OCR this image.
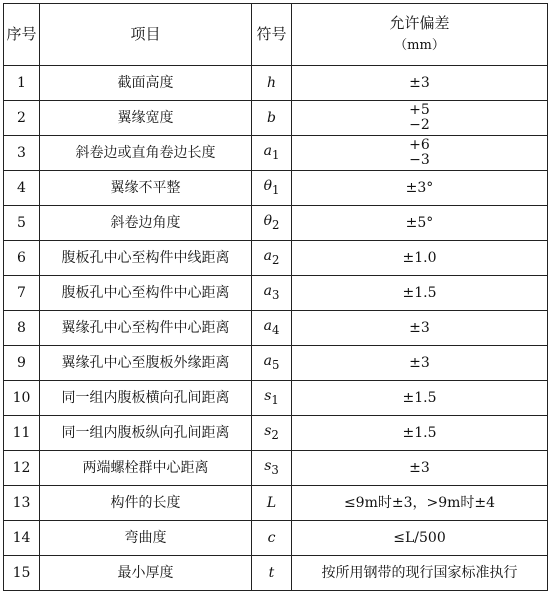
序号	项目	符号	允许偏差
（mm）

1	截面高度	h	±3

2	翼缘宽度	b	+5
−2

3	斜卷边或直角卷边长度	$a_1$	+6
−3

4	翼缘不平整	$\theta_1$	±3°

5	斜卷边角度	$\theta_2$	±5°

6	腹板孔中心至构件中线距离	$a_2$	±1.0

7	腹板孔中心至构件中心距离	$a_3$	±1.5

8	翼缘孔中心至构件中心距离	$a_4$	±3

9	翼缘孔中心至腹板外缘距离	$a_5$	±3

10	同一组内腹板横向孔间距离	$s_1$	±1.5

11	同一组内腹板纵向孔间距离	$s_2$	±1.5

12	两端螺栓群中心距离	$s_3$	±3

13	构件的长度	L	≤9m时±3，>9m时±4

14	弯曲度	c	≤L/500

15	最小厚度	t	按所用钢带的现行国家标准执行
